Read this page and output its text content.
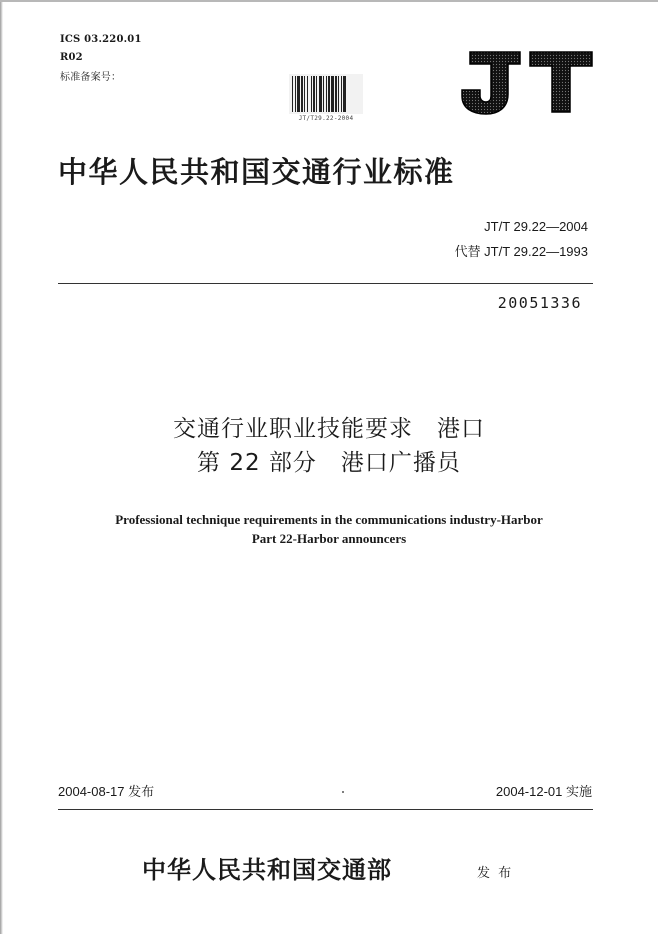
ICS 03.220.01
R02
标准备案号：
JT/T29.22-2004
中华人民共和国交通行业标准
JT/T 29.22—2004
代替 JT/T 29.22—1993
20051336
交通行业职业技能要求　港口
第 22 部分　港口广播员
Professional technique requirements in the communications industry-Harbor
Part 22-Harbor announcers
2004-08-17 发布	2004-12-01 实施
中华人民共和国交通部	发 布
